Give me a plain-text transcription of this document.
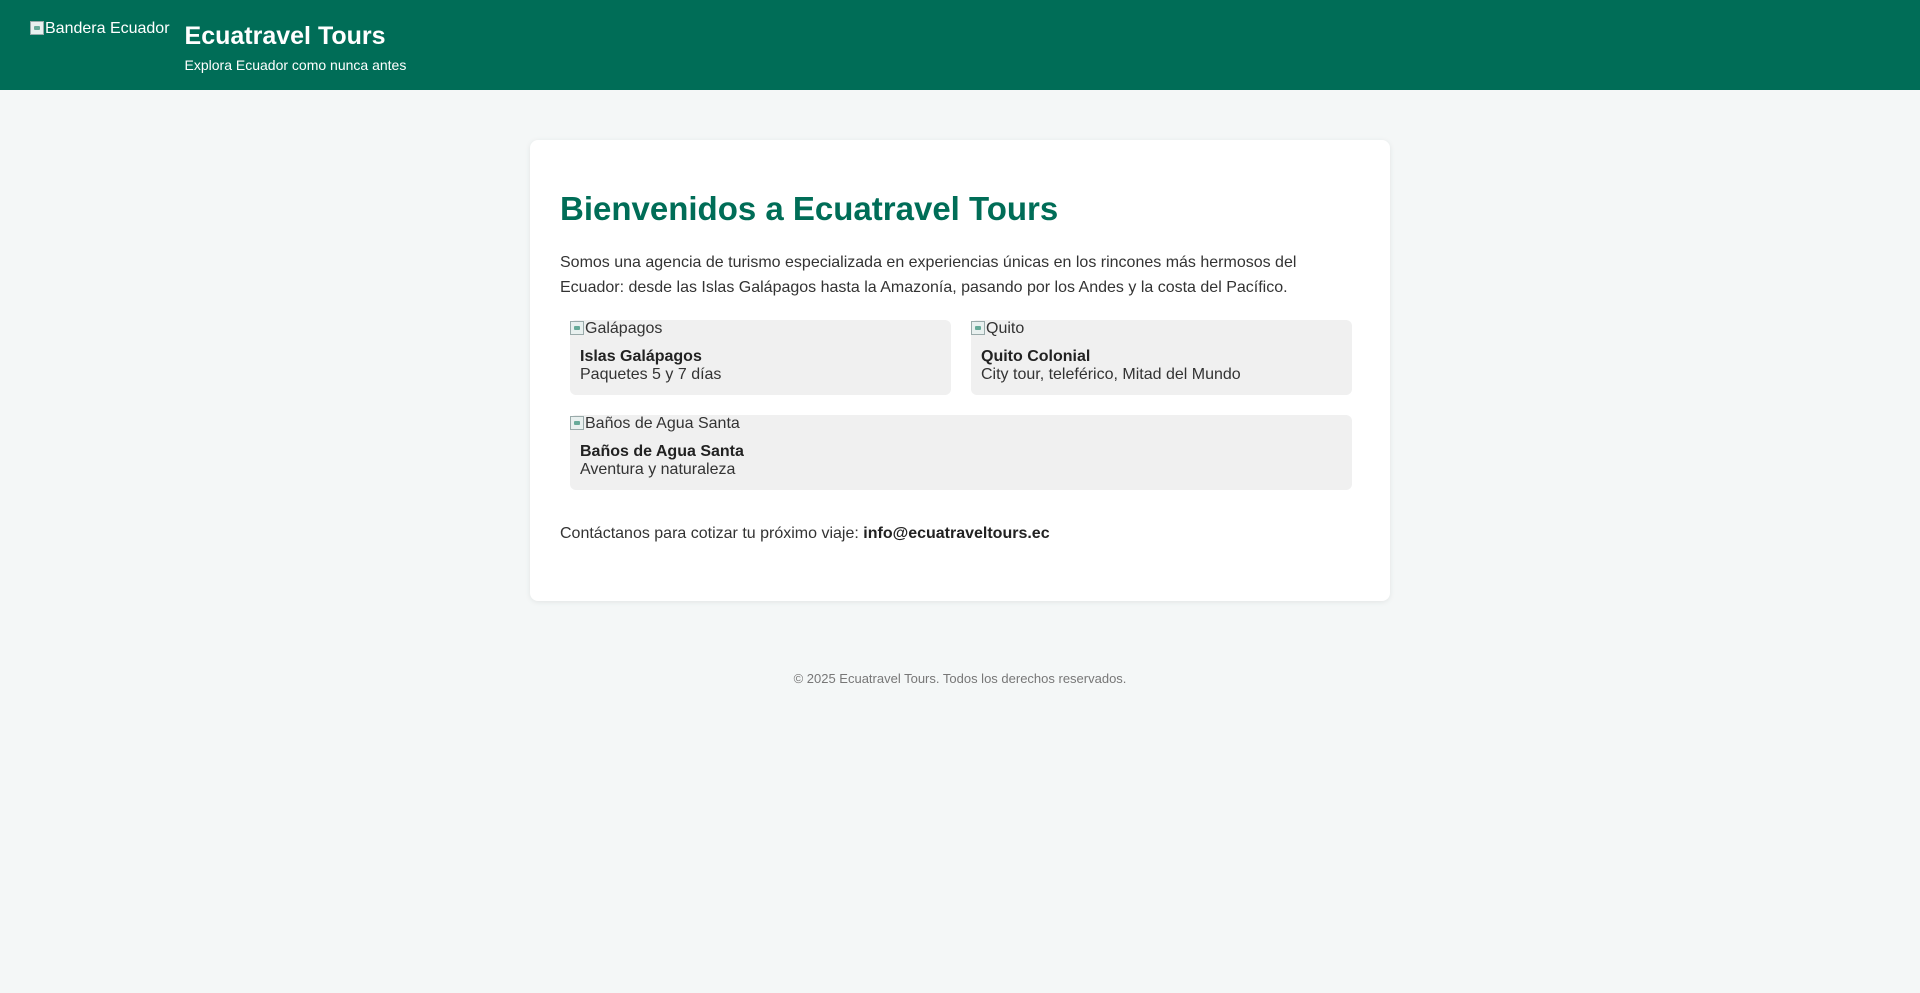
Bandera Ecuador Ecuatravel Tours
Explora Ecuador como nunca antes
Bienvenidos a Ecuatravel Tours

Somos una agencia de turismo especializada en experiencias únicas en los rincones más hermosos del Ecuador: desde las Islas Galápagos hasta la Amazonía, pasando por los Andes y la costa del Pacífico.

Galápagos
Islas Galápagos
Paquetes 5 y 7 días
Quito
Quito Colonial
City tour, teleférico, Mitad del Mundo
Baños de Agua Santa
Baños de Agua Santa
Aventura y naturaleza

Contáctanos para cotizar tu próximo viaje: info@ecuatraveltours.ec

© 2025 Ecuatravel Tours. Todos los derechos reservados.
